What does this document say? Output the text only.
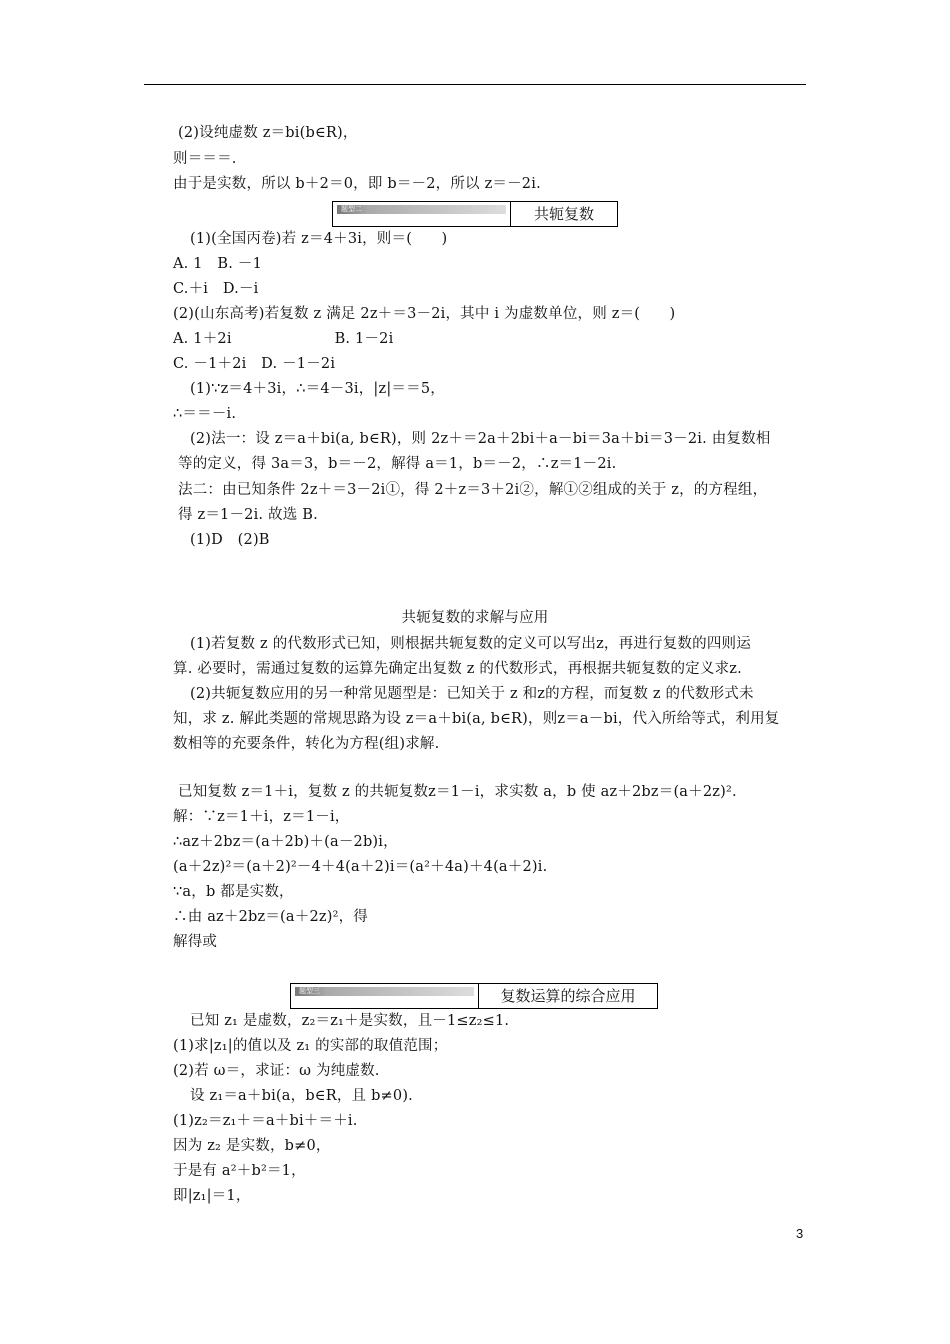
(2)设纯虚数 z＝bi(b∈R)，
则＝＝＝.
由于是实数，所以 b＋2＝0，即 b＝－2，所以 z＝－2i.
题型二	共轭复数
(1)(全国丙卷)若 z＝4＋3i，则＝(　　)
A. 1　B. －1
C.＋i　D.－i
(2)(山东高考)若复数 z 满足 2z＋＝3－2i，其中 i 为虚数单位，则 z＝(　　)
A. 1＋2i　　　　　　　B. 1－2i
C. －1＋2i　D. －1－2i
(1)∵z＝4＋3i，∴＝4－3i，|z|＝＝5，
∴＝＝－i.
(2)法一：设 z＝a＋bi(a, b∈R)，则 2z＋＝2a＋2bi＋a－bi＝3a＋bi＝3－2i. 由复数相
等的定义，得 3a＝3，b＝－2，解得 a＝1，b＝－2，∴z＝1－2i.
法二：由已知条件 2z＋＝3－2i①，得 2＋z＝3＋2i②，解①②组成的关于 z，的方程组，
得 z＝1－2i. 故选 B.
(1)D　(2)B
共轭复数的求解与应用
(1)若复数 z 的代数形式已知，则根据共轭复数的定义可以写出z，再进行复数的四则运
算. 必要时，需通过复数的运算先确定出复数 z 的代数形式，再根据共轭复数的定义求z.
(2)共轭复数应用的另一种常见题型是：已知关于 z 和z的方程，而复数 z 的代数形式未
知，求 z. 解此类题的常规思路为设 z＝a＋bi(a, b∈R)，则z＝a－bi，代入所给等式，利用复
数相等的充要条件，转化为方程(组)求解.
已知复数 z＝1＋i，复数 z 的共轭复数z＝1－i，求实数 a，b 使 az＋2bz＝(a＋2z)².
解：∵z＝1＋i，z＝1－i，
∴az＋2bz＝(a＋2b)＋(a－2b)i，
(a＋2z)²＝(a＋2)²－4＋4(a＋2)i＝(a²＋4a)＋4(a＋2)i.
∵a，b 都是实数，
∴由 az＋2bz＝(a＋2z)²，得
解得或
题型三	复数运算的综合应用
已知 z₁ 是虚数，z₂＝z₁＋是实数，且－1≤z₂≤1.
(1)求|z₁|的值以及 z₁ 的实部的取值范围；
(2)若 ω＝，求证：ω 为纯虚数.
设 z₁＝a＋bi(a，b∈R，且 b≠0).
(1)z₂＝z₁＋＝a＋bi＋＝＋i.
因为 z₂ 是实数，b≠0，
于是有 a²＋b²＝1，
即|z₁|＝1，
3
